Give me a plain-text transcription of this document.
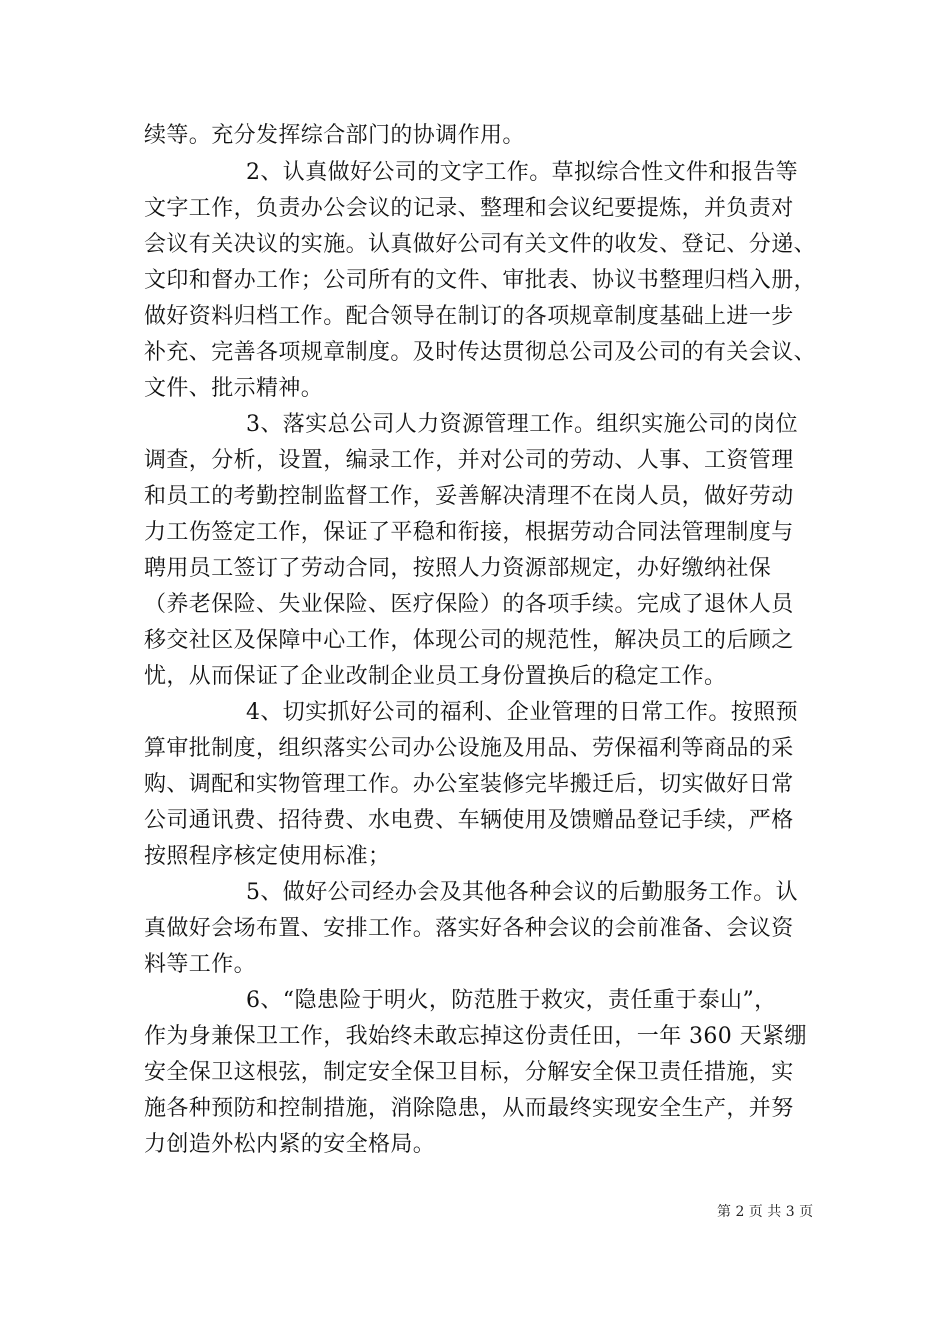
续等。充分发挥综合部门的协调作用。
2、认真做好公司的文字工作。草拟综合性文件和报告等
文字工作，负责办公会议的记录、整理和会议纪要提炼，并负责对
会议有关决议的实施。认真做好公司有关文件的收发、登记、分递、
文印和督办工作；公司所有的文件、审批表、协议书整理归档入册，
做好资料归档工作。配合领导在制订的各项规章制度基础上进一步
补充、完善各项规章制度。及时传达贯彻总公司及公司的有关会议、
文件、批示精神。
3、落实总公司人力资源管理工作。组织实施公司的岗位
调查，分析，设置，编录工作，并对公司的劳动、人事、工资管理
和员工的考勤控制监督工作，妥善解决清理不在岗人员，做好劳动
力工伤签定工作，保证了平稳和衔接，根据劳动合同法管理制度与
聘用员工签订了劳动合同，按照人力资源部规定，办好缴纳社保
（养老保险、失业保险、医疗保险）的各项手续。完成了退休人员
移交社区及保障中心工作，体现公司的规范性，解决员工的后顾之
忧，从而保证了企业改制企业员工身份置换后的稳定工作。
4、切实抓好公司的福利、企业管理的日常工作。按照预
算审批制度，组织落实公司办公设施及用品、劳保福利等商品的采
购、调配和实物管理工作。办公室装修完毕搬迁后，切实做好日常
公司通讯费、招待费、水电费、车辆使用及馈赠品登记手续，严格
按照程序核定使用标准；
5、做好公司经办会及其他各种会议的后勤服务工作。认
真做好会场布置、安排工作。落实好各种会议的会前准备、会议资
料等工作。
6、“隐患险于明火，防范胜于救灾，责任重于泰山”，
作为身兼保卫工作，我始终未敢忘掉这份责任田，一年 360 天紧绷
安全保卫这根弦，制定安全保卫目标，分解安全保卫责任措施，实
施各种预防和控制措施，消除隐患，从而最终实现安全生产，并努
力创造外松内紧的安全格局。
第 2 页 共 3 页
